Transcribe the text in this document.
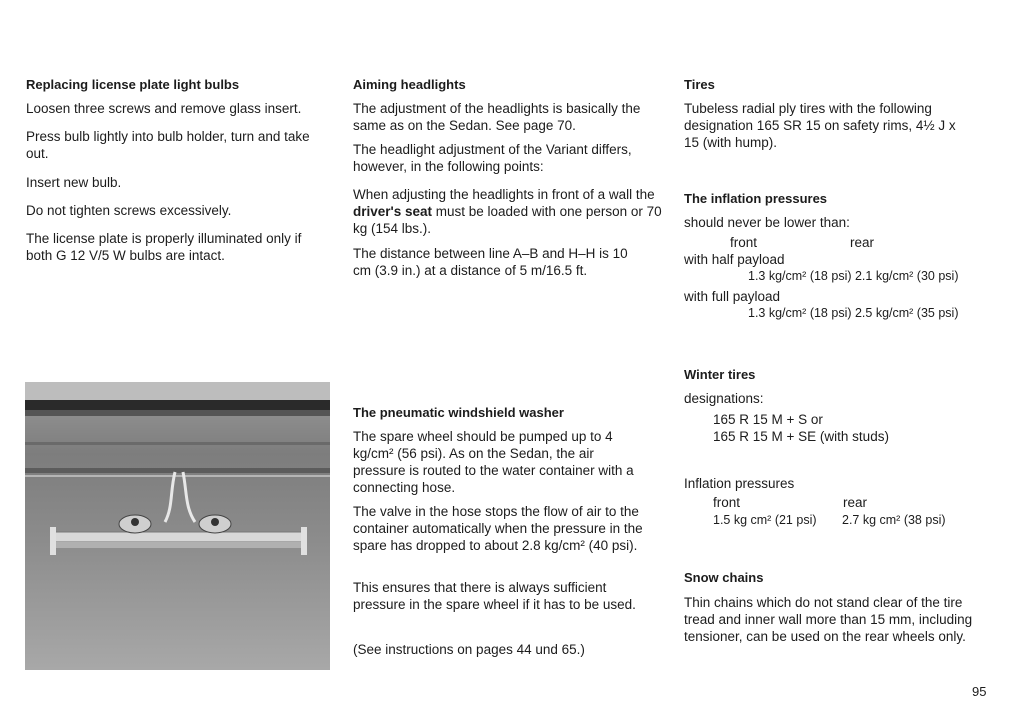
Replacing license plate light bulbs
Loosen three screws and remove glass insert.
Press bulb lightly into bulb holder, turn and take out.
Insert new bulb.
Do not tighten screws excessively.
The license plate is properly illuminated only if both G 12 V/5 W bulbs are intact.
Aiming headlights
The adjustment of the headlights is basically the same as on the Sedan. See page 70.
The headlight adjustment of the Variant differs, however, in the following points:
When adjusting the headlights in front of a wall the driver's seat must be loaded with one person or 70 kg (154 lbs.).
The distance between line A–B and H–H is 10 cm (3.9 in.) at a distance of 5 m/16.5 ft.
The pneumatic windshield washer
The spare wheel should be pumped up to 4 kg/cm² (56 psi). As on the Sedan, the air pressure is routed to the water container with a connecting hose.
The valve in the hose stops the flow of air to the container automatically when the pressure in the spare has dropped to about 2.8 kg/cm² (40 psi).
This ensures that there is always sufficient pressure in the spare wheel if it has to be used.
(See instructions on pages 44 und 65.)
Tires
Tubeless radial ply tires with the following designation 165 SR 15 on safety rims, 4½ J x 15 (with hump).
The inflation pressures
should never be lower than:
front	rear
with half payload
1.3 kg/cm² (18 psi) 2.1 kg/cm² (30 psi)
with full payload
1.3 kg/cm² (18 psi) 2.5 kg/cm² (35 psi)
Winter tires
designations:
165 R 15 M + S or
165 R 15 M + SE (with studs)
Inflation pressures
front	rear
1.5 kg cm² (21 psi) 2.7 kg cm² (38 psi)
Snow chains
Thin chains which do not stand clear of the tire tread and inner wall more than 15 mm, including tensioner, can be used on the rear wheels only.
95
